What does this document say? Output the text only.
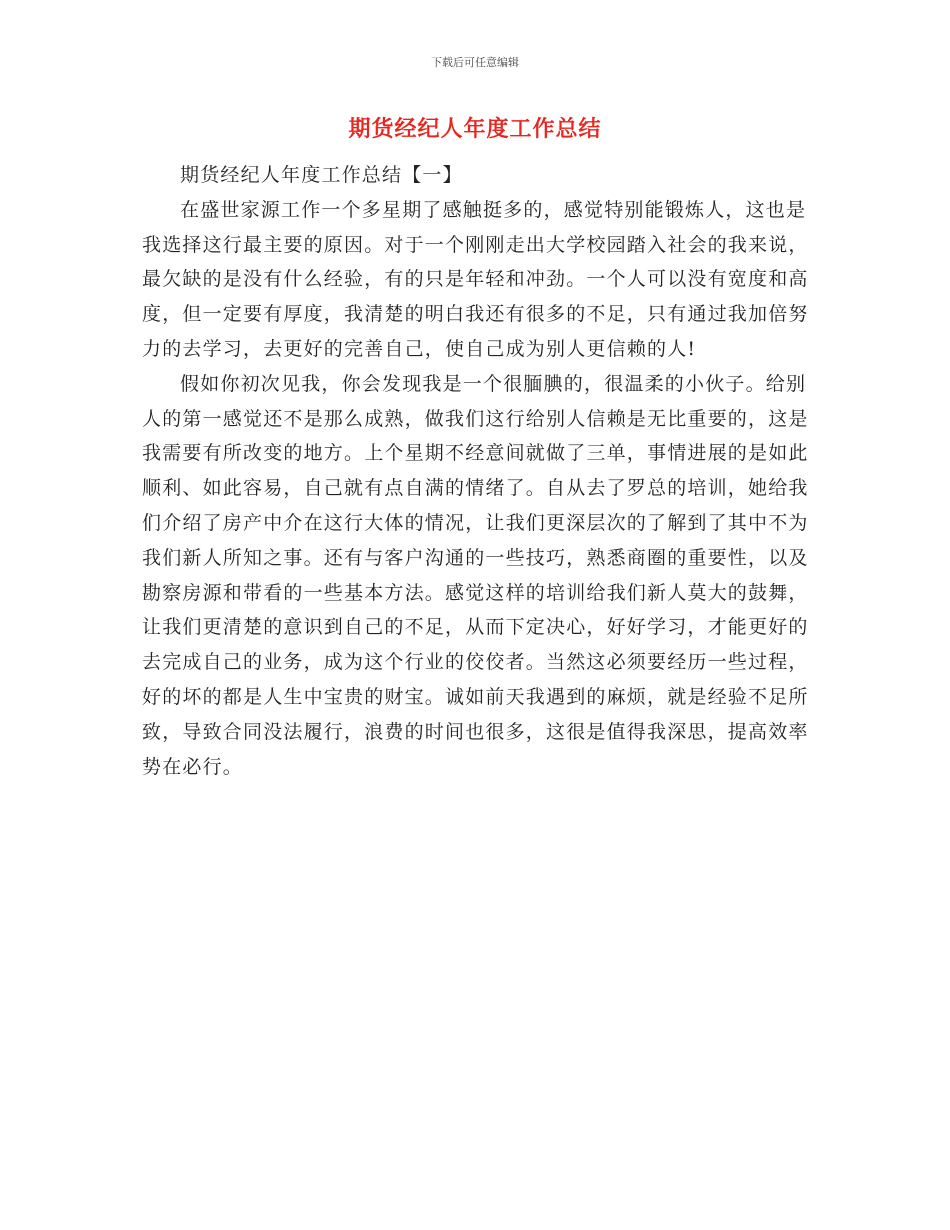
下载后可任意编辑
期货经纪人年度工作总结

期货经纪人年度工作总结【一】

在盛世家源工作一个多星期了感触挺多的，感觉特别能锻炼人，这也是我选择这行最主要的原因。对于一个刚刚走出大学校园踏入社会的我来说，最欠缺的是没有什么经验，有的只是年轻和冲劲。一个人可以没有宽度和高度，但一定要有厚度，我清楚的明白我还有很多的不足，只有通过我加倍努力的去学习，去更好的完善自己，使自己成为别人更信赖的人!

假如你初次见我，你会发现我是一个很腼腆的，很温柔的小伙子。给别人的第一感觉还不是那么成熟，做我们这行给别人信赖是无比重要的，这是我需要有所改变的地方。上个星期不经意间就做了三单，事情进展的是如此顺利、如此容易，自己就有点自满的情绪了。自从去了罗总的培训，她给我们介绍了房产中介在这行大体的情况，让我们更深层次的了解到了其中不为我们新人所知之事。还有与客户沟通的一些技巧，熟悉商圈的重要性，以及勘察房源和带看的一些基本方法。感觉这样的培训给我们新人莫大的鼓舞，让我们更清楚的意识到自己的不足，从而下定决心，好好学习，才能更好的去完成自己的业务，成为这个行业的佼佼者。当然这必须要经历一些过程，好的坏的都是人生中宝贵的财宝。诚如前天我遇到的麻烦，就是经验不足所致，导致合同没法履行，浪费的时间也很多，这很是值得我深思，提高效率势在必行。
